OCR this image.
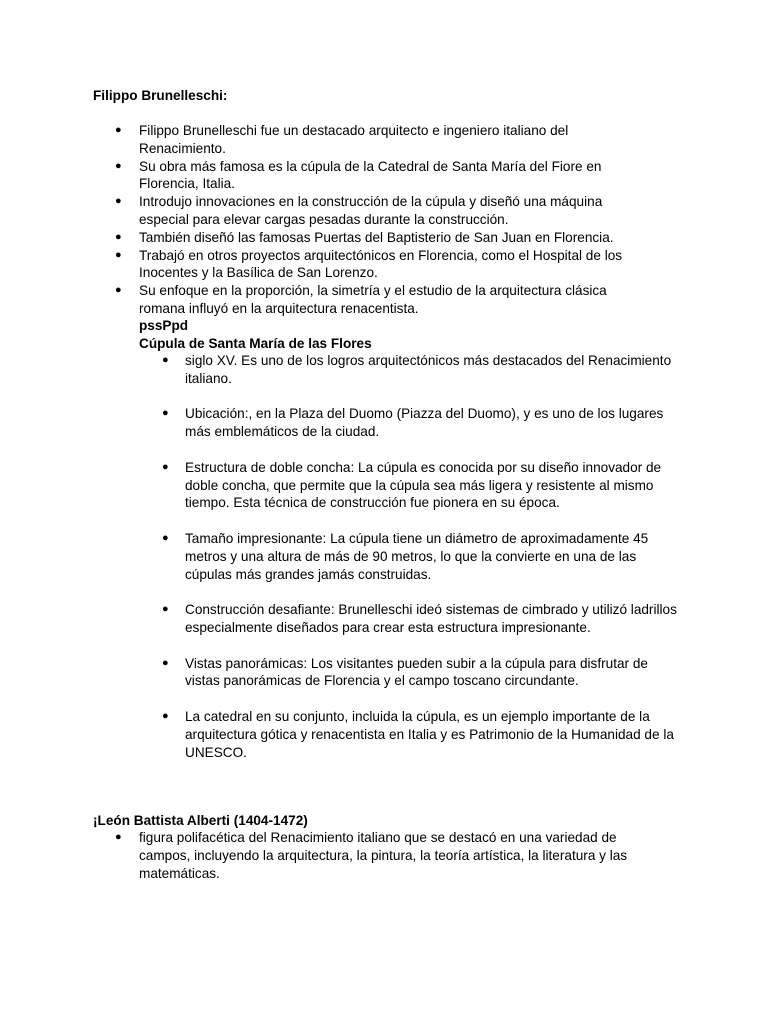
Filippo Brunelleschi:
● Filippo Brunelleschi fue un destacado arquitecto e ingeniero italiano del Renacimiento.
● Su obra más famosa es la cúpula de la Catedral de Santa María del Fiore en Florencia, Italia.
● Introdujo innovaciones en la construcción de la cúpula y diseñó una máquina especial para elevar cargas pesadas durante la construcción.
● También diseñó las famosas Puertas del Baptisterio de San Juan en Florencia.
● Trabajó en otros proyectos arquitectónicos en Florencia, como el Hospital de los Inocentes y la Basílica de San Lorenzo.
● Su enfoque en la proporción, la simetría y el estudio de la arquitectura clásica romana influyó en la arquitectura renacentista.
pssPpd
Cúpula de Santa María de las Flores
● siglo XV. Es uno de los logros arquitectónicos más destacados del Renacimiento italiano.
● Ubicación:, en la Plaza del Duomo (Piazza del Duomo), y es uno de los lugares más emblemáticos de la ciudad.
● Estructura de doble concha: La cúpula es conocida por su diseño innovador de doble concha, que permite que la cúpula sea más ligera y resistente al mismo tiempo. Esta técnica de construcción fue pionera en su época.
● Tamaño impresionante: La cúpula tiene un diámetro de aproximadamente 45 metros y una altura de más de 90 metros, lo que la convierte en una de las cúpulas más grandes jamás construidas.
● Construcción desafiante: Brunelleschi ideó sistemas de cimbrado y utilizó ladrillos especialmente diseñados para crear esta estructura impresionante.
● Vistas panorámicas: Los visitantes pueden subir a la cúpula para disfrutar de vistas panorámicas de Florencia y el campo toscano circundante.
● La catedral en su conjunto, incluida la cúpula, es un ejemplo importante de la arquitectura gótica y renacentista en Italia y es Patrimonio de la Humanidad de la UNESCO.
¡León Battista Alberti (1404-1472)
● figura polifacética del Renacimiento italiano que se destacó en una variedad de campos, incluyendo la arquitectura, la pintura, la teoría artística, la literatura y las matemáticas.
